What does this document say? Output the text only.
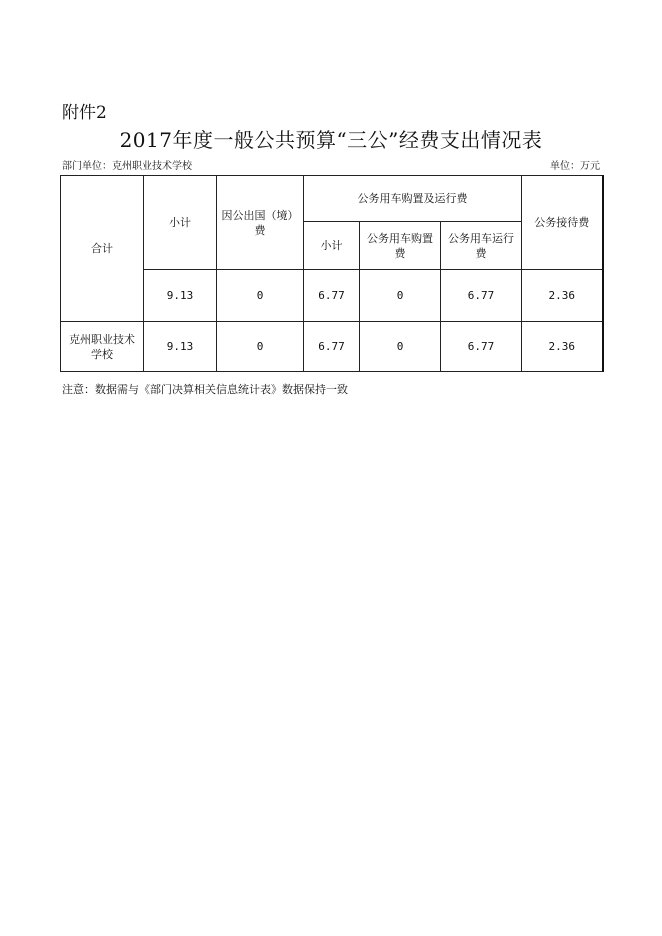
附件2
2017年度一般公共预算“三公”经费支出情况表
部门单位：克州职业技术学校	单位：万元
合计	小计	因公出国（境）费	公务用车购置及运行费			公务接待费
			小计	公务用车购置费	公务用车运行费	
	9.13	0	6.77	0	6.77	2.36
克州职业技术学校	9.13	0	6.77	0	6.77	2.36
注意：数据需与《部门决算相关信息统计表》数据保持一致
